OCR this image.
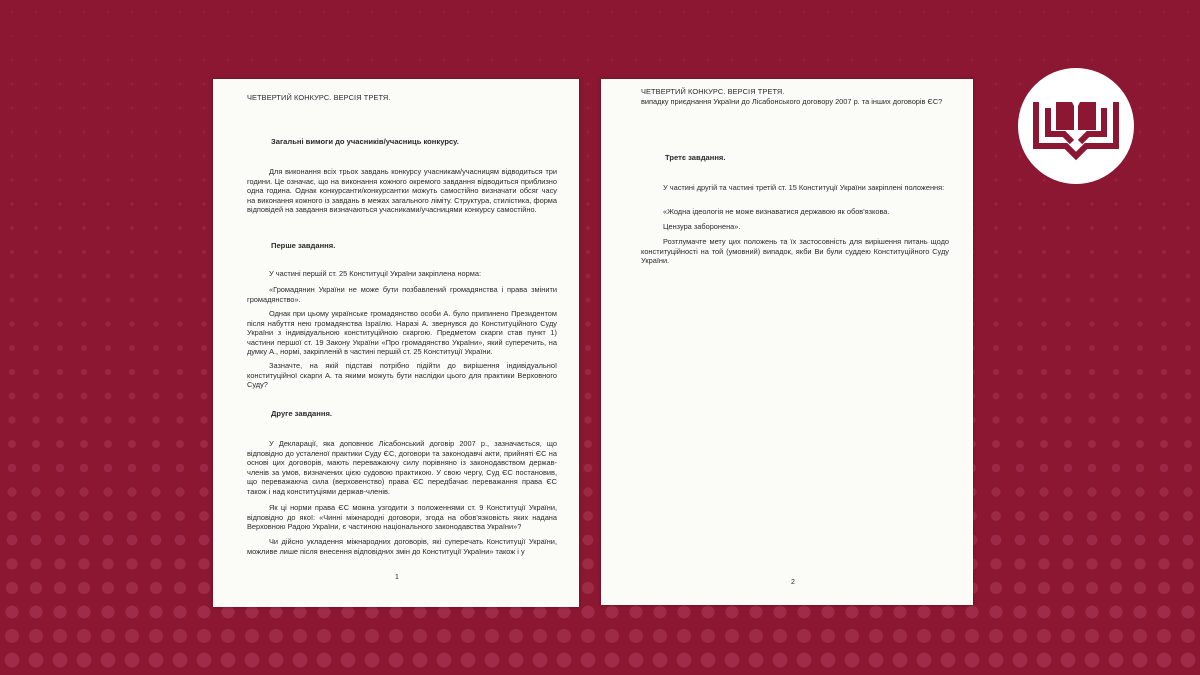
ЧЕТВЕРТИЙ КОНКУРС. ВЕРСІЯ ТРЕТЯ.
Загальні вимоги до учасників/учасниць конкурсу.
Для виконання всіх трьох завдань конкурсу учасникам/учасницям відводиться три години. Це означає, що на виконання кожного окремого завдання відводиться приблизно одна година. Однак конкурсанти/конкурсантки можуть самостійно визначати обсяг часу на виконання кожного із завдань в межах загального ліміту. Структура, стилістика, форма відповідей на завдання визначаються учасниками/учасницями конкурсу самостійно.
Перше завдання.
У частині першій ст. 25 Конституції України закріплена норма:
«Громадянин України не може бути позбавлений громадянства і права змінити громадянство».
Однак при цьому українське громадянство особи А. було припинено Президентом після набуття нею громадянства Ізраїлю. Наразі А. звернувся до Конституційного Суду України з індивідуальною конституційною скаргою. Предметом скарги став пункт 1) частини першої ст. 19 Закону України «Про громадянство України», який суперечить, на думку А., нормі, закріпленій в частині першій ст. 25 Конституції України.
Зазначте, на якій підставі потрібно підійти до вирішення індивідуальної конституційної скарги А. та якими можуть бути наслідки цього для практики Верховного Суду?
Друге завдання.
У Декларації, яка доповнює Лісабонський договір 2007 р., зазначається, що відповідно до усталеної практики Суду ЄС, договори та законодавчі акти, прийняті ЄС на основі цих договорів, мають переважаючу силу порівняно із законодавством держав-членів за умов, визначених цією судовою практикою. У свою чергу, Суд ЄС постановив, що переважаюча сила (верховенство) права ЄС передбачає переважання права ЄС також і над конституціями держав-членів.
Як ці норми права ЄС можна узгодити з положеннями ст. 9 Конституції України, відповідно до якої: «Чинні міжнародні договори, згода на обов'язковість яких надана Верховною Радою України, є частиною національного законодавства України»?
Чи дійсно укладення міжнародних договорів, які суперечать Конституції України, можливе лише після внесення відповідних змін до Конституції України» також і у
1
ЧЕТВЕРТИЙ КОНКУРС. ВЕРСІЯ ТРЕТЯ.
випадку приєднання України до Лісабонського договору 2007 р. та інших договорів ЄС?
Третє завдання.
У частині другій та частині третій ст. 15 Конституції України закріплені положення:
«Жодна ідеологія не може визнаватися державою як обов'язкова.
Цензура заборонена».
Розтлумачте мету цих положень та їх застосовність для вирішення питань щодо конституційності на той (умовний) випадок, якби Ви були суддею Конституційного Суду України.
2
